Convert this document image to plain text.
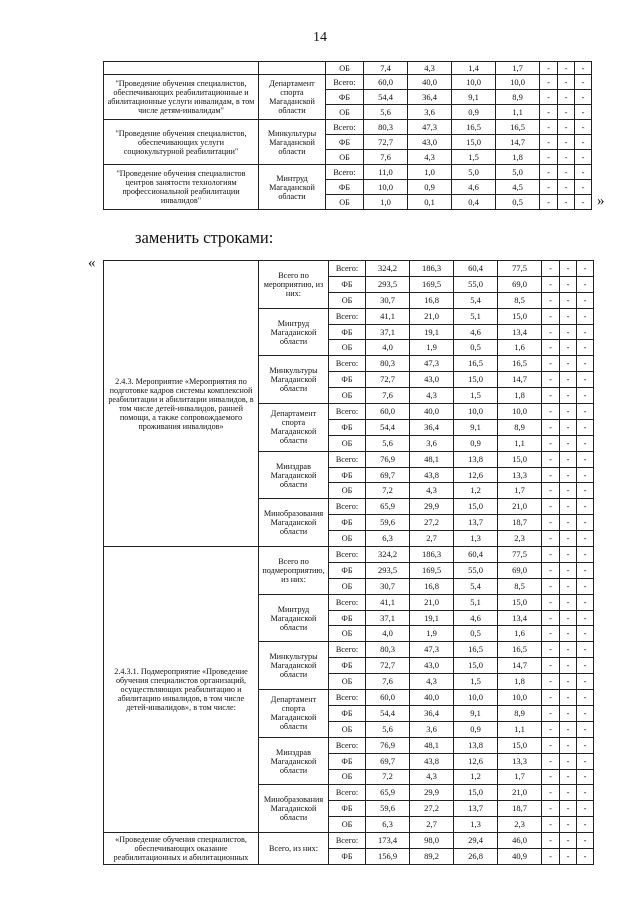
14
		ОБ	7,4	4,3	1,4	1,7	-	-	-
"Проведение обучения специалистов, обеспечивающих реабилитационные и абилитационные услуги инвалидам, в том числе детям-инвалидам"	Департамент спорта Магаданской области	Всего:	60,0	40,0	10,0	10,0	-	-	-
		ФБ	54,4	36,4	9,1	8,9	-	-	-
		ОБ	5,6	3,6	0,9	1,1	-	-	-
"Проведение обучения специалистов, обеспечивающих услуги социокультурной реабилитации"	Минкультуры Магаданской области	Всего:	80,3	47,3	16,5	16,5	-	-	-
		ФБ	72,7	43,0	15,0	14,7	-	-	-
		ОБ	7,6	4,3	1,5	1,8	-	-	-
"Проведение обучения специалистов центров занятости технологиям профессиональной реабилитации инвалидов"	Минтруд Магаданской области	Всего:	11,0	1,0	5,0	5,0	-	-	-
		ФБ	10,0	0,9	4,6	4,5	-	-	-
		ОБ	1,0	0,1	0,4	0,5	-	-	- »
заменить строками:
«
2.4.3. Мероприятие «Мероприятия по подготовке кадров системы комплексной реабилитации и абилитации инвалидов, в том числе детей-инвалидов, ранней помощи, а также сопровождаемого проживания инвалидов»	Всего по мероприятию, из них:	Всего:	324,2	186,3	60,4	77,5	-	-	-
		ФБ	293,5	169,5	55,0	69,0	-	-	-
		ОБ	30,7	16,8	5,4	8,5	-	-	-
	Минтруд Магаданской области	Всего:	41,1	21,0	5,1	15,0	-	-	-
		ФБ	37,1	19,1	4,6	13,4	-	-	-
		ОБ	4,0	1,9	0,5	1,6	-	-	-
	Минкультуры Магаданской области	Всего:	80,3	47,3	16,5	16,5	-	-	-
		ФБ	72,7	43,0	15,0	14,7	-	-	-
		ОБ	7,6	4,3	1,5	1,8	-	-	-
	Департамент спорта Магаданской области	Всего:	60,0	40,0	10,0	10,0	-	-	-
		ФБ	54,4	36,4	9,1	8,9	-	-	-
		ОБ	5,6	3,6	0,9	1,1	-	-	-
	Минздрав Магаданской области	Всего:	76,9	48,1	13,8	15,0	-	-	-
		ФБ	69,7	43,8	12,6	13,3	-	-	-
		ОБ	7,2	4,3	1,2	1,7	-	-	-
	Минобразования Магаданской области	Всего:	65,9	29,9	15,0	21,0	-	-	-
		ФБ	59,6	27,2	13,7	18,7	-	-	-
		ОБ	6,3	2,7	1,3	2,3	-	-	-
2.4.3.1. Подмероприятие «Проведение обучения специалистов организаций, осуществляющих реабилитацию и абилитацию инвалидов, в том числе детей-инвалидов», в том числе:	Всего по подмероприятию, из них:	Всего:	324,2	186,3	60,4	77,5	-	-	-
		ФБ	293,5	169,5	55,0	69,0	-	-	-
		ОБ	30,7	16,8	5,4	8,5	-	-	-
	Минтруд Магаданской области	Всего:	41,1	21,0	5,1	15,0	-	-	-
		ФБ	37,1	19,1	4,6	13,4	-	-	-
		ОБ	4,0	1,9	0,5	1,6	-	-	-
	Минкультуры Магаданской области	Всего:	80,3	47,3	16,5	16,5	-	-	-
		ФБ	72,7	43,0	15,0	14,7	-	-	-
		ОБ	7,6	4,3	1,5	1,8	-	-	-
	Департамент спорта Магаданской области	Всего:	60,0	40,0	10,0	10,0	-	-	-
		ФБ	54,4	36,4	9,1	8,9	-	-	-
		ОБ	5,6	3,6	0,9	1,1	-	-	-
	Минздрав Магаданской области	Всего:	76,9	48,1	13,8	15,0	-	-	-
		ФБ	69,7	43,8	12,6	13,3	-	-	-
		ОБ	7,2	4,3	1,2	1,7	-	-	-
	Минобразования Магаданской области	Всего:	65,9	29,9	15,0	21,0	-	-	-
		ФБ	59,6	27,2	13,7	18,7	-	-	-
		ОБ	6,3	2,7	1,3	2,3	-	-	-
«Проведение обучения специалистов, обеспечивающих оказание реабилитационных и абилитационных	Всего, из них:	Всего:	173,4	98,0	29,4	46,0	-	-	-
		ФБ	156,9	89,2	26,8	40,9	-	-	-
